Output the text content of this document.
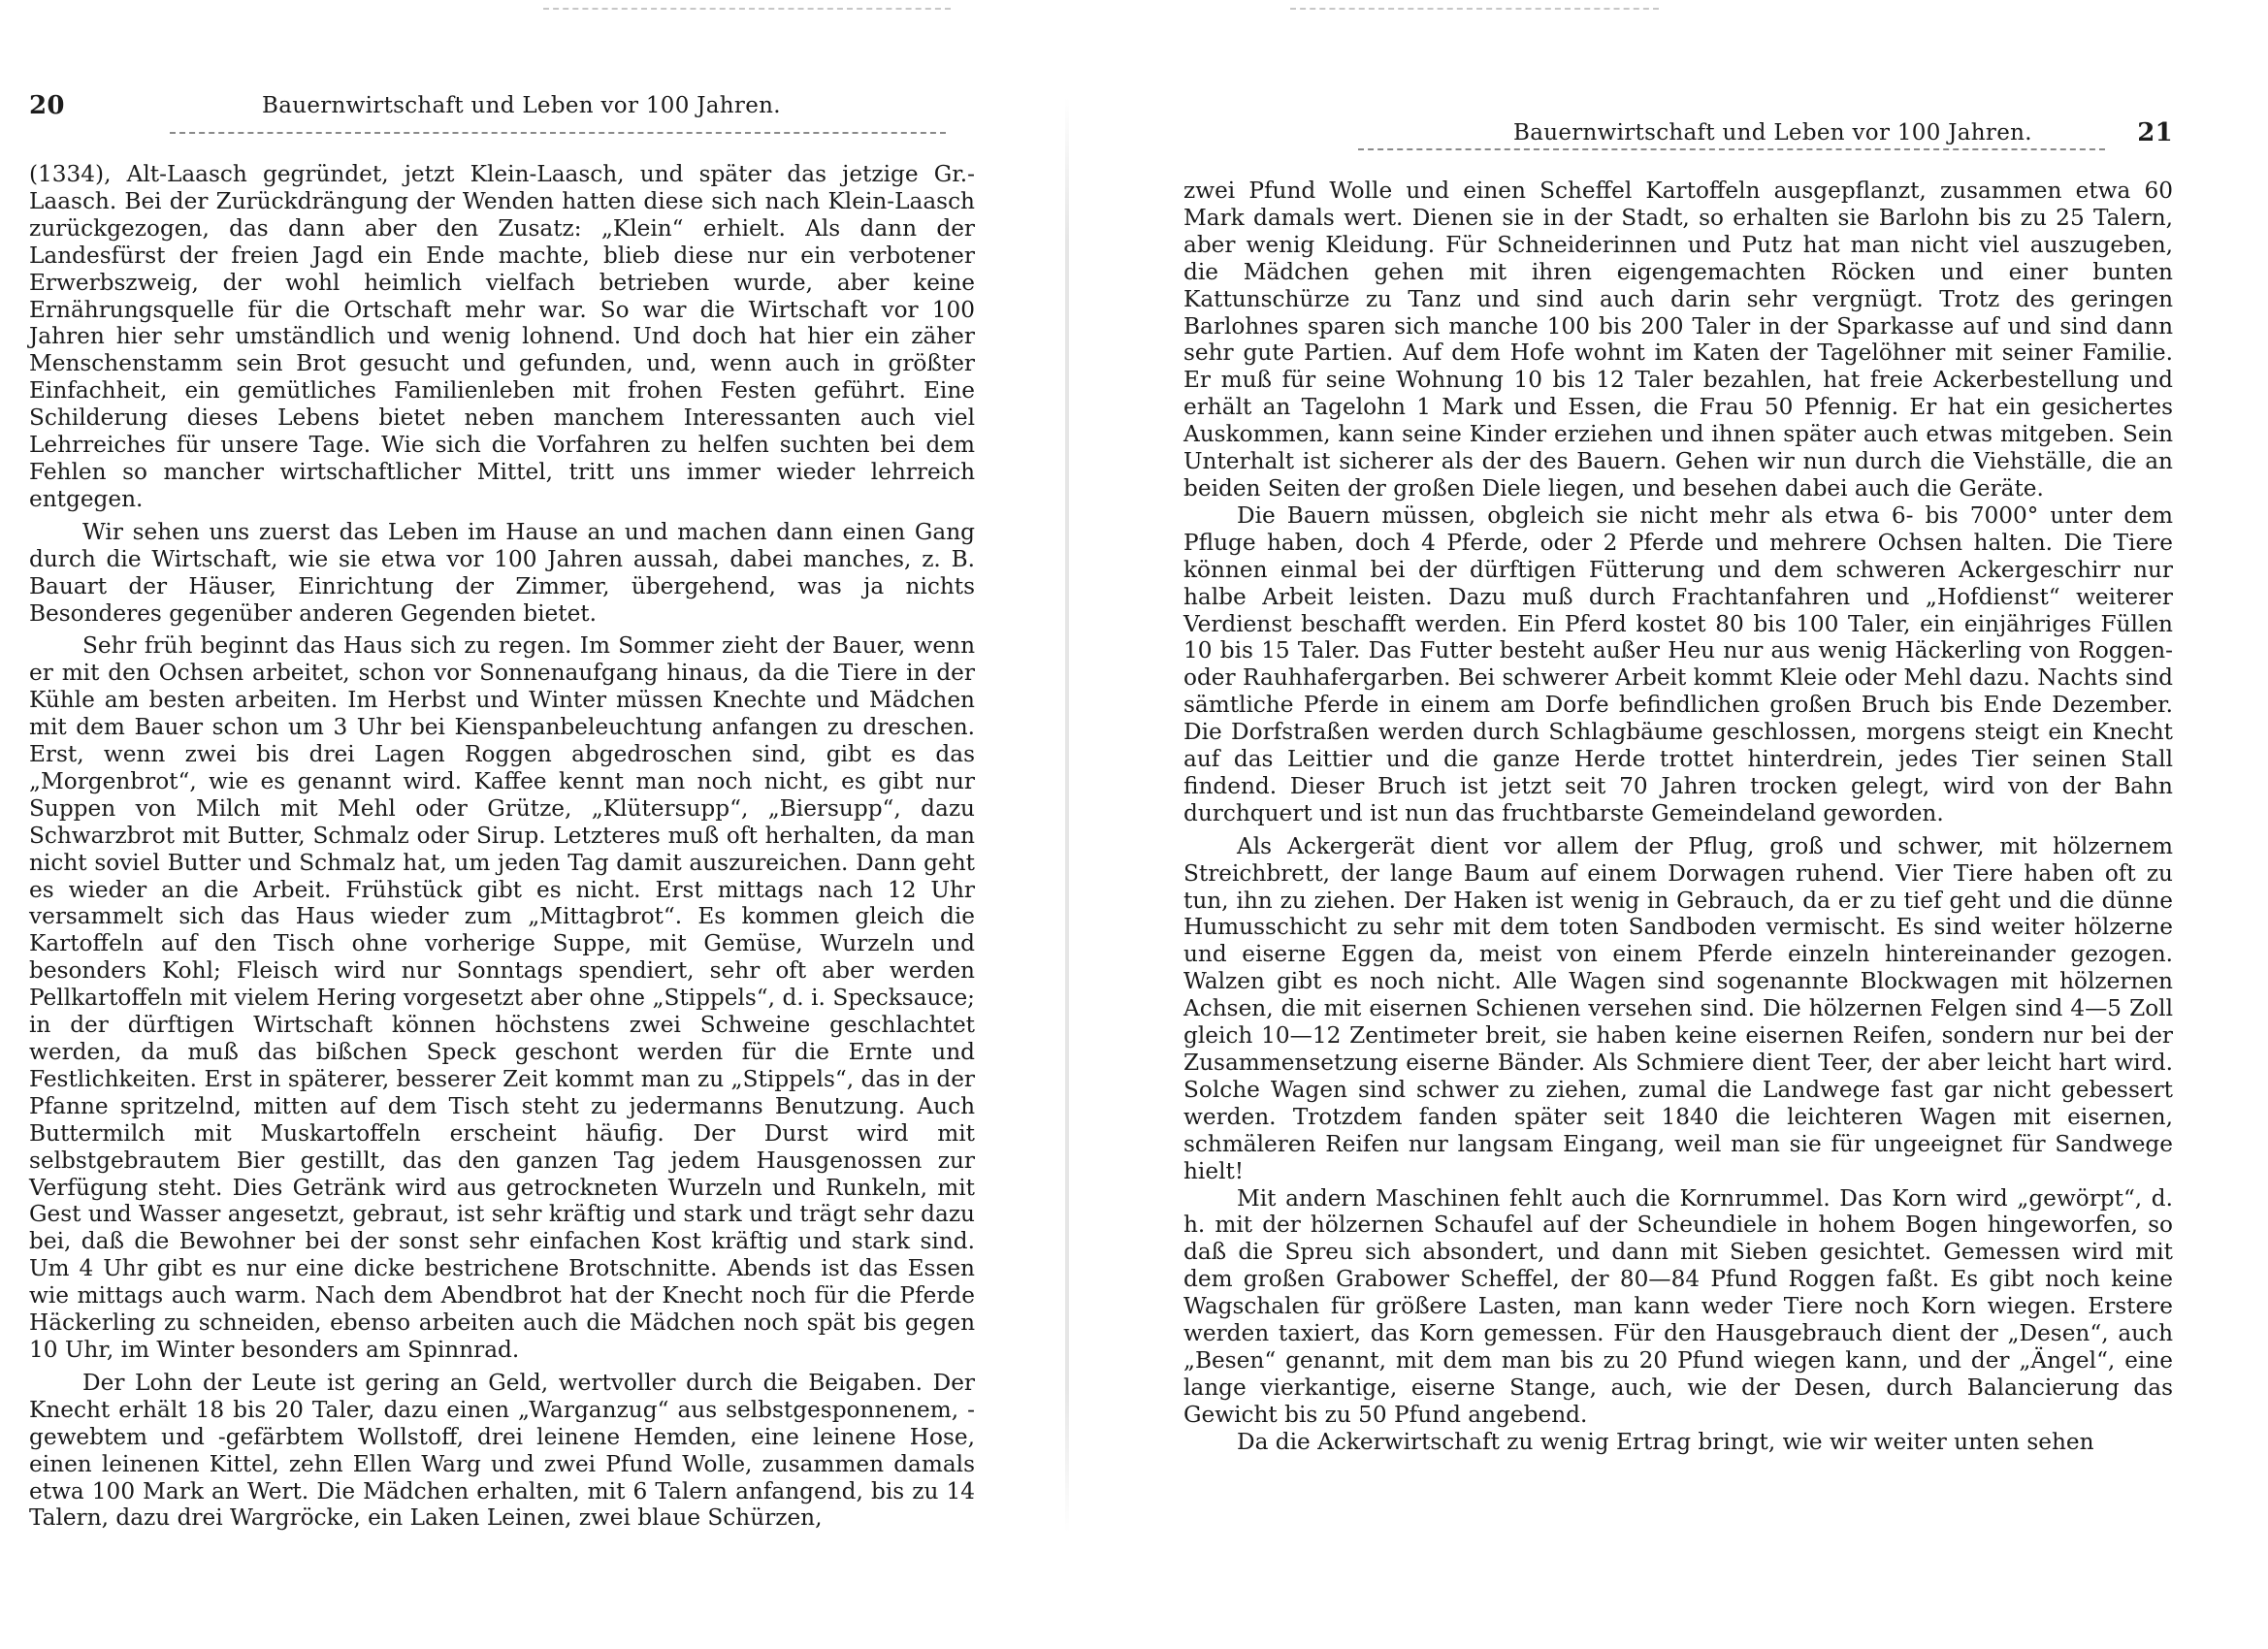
20	Bauernwirtschaft und Leben vor 100 Jahren.

(1334), Alt-Laasch gegründet, jetzt Klein-Laasch, und später das jetzige Gr.-Laasch. Bei der Zurückdrängung der Wenden hatten diese sich nach Klein-Laasch zurückgezogen, das dann aber den Zusatz: „Klein“ erhielt. Als dann der Landesfürst der freien Jagd ein Ende machte, blieb diese nur ein verbotener Erwerbszweig, der wohl heimlich vielfach betrieben wurde, aber keine Ernährungsquelle für die Ortschaft mehr war. So war die Wirtschaft vor 100 Jahren hier sehr umständlich und wenig lohnend. Und doch hat hier ein zäher Menschenstamm sein Brot gesucht und gefunden, und, wenn auch in größter Einfachheit, ein gemütliches Familienleben mit frohen Festen geführt. Eine Schilderung dieses Lebens bietet neben manchem Interessanten auch viel Lehrreiches für unsere Tage. Wie sich die Vorfahren zu helfen suchten bei dem Fehlen so mancher wirtschaftlicher Mittel, tritt uns immer wieder lehrreich entgegen.

Wir sehen uns zuerst das Leben im Hause an und machen dann einen Gang durch die Wirtschaft, wie sie etwa vor 100 Jahren aussah, dabei manches, z. B. Bauart der Häuser, Einrichtung der Zimmer, übergehend, was ja nichts Besonderes gegenüber anderen Gegenden bietet.

Sehr früh beginnt das Haus sich zu regen. Im Sommer zieht der Bauer, wenn er mit den Ochsen arbeitet, schon vor Sonnenaufgang hinaus, da die Tiere in der Kühle am besten arbeiten. Im Herbst und Winter müssen Knechte und Mädchen mit dem Bauer schon um 3 Uhr bei Kienspanbeleuchtung anfangen zu dreschen. Erst, wenn zwei bis drei Lagen Roggen abgedroschen sind, gibt es das „Morgenbrot“, wie es genannt wird. Kaffee kennt man noch nicht, es gibt nur Suppen von Milch mit Mehl oder Grütze, „Klütersupp“, „Biersupp“, dazu Schwarzbrot mit Butter, Schmalz oder Sirup. Letzteres muß oft herhalten, da man nicht soviel Butter und Schmalz hat, um jeden Tag damit auszureichen. Dann geht es wieder an die Arbeit. Frühstück gibt es nicht. Erst mittags nach 12 Uhr versammelt sich das Haus wieder zum „Mittagbrot“. Es kommen gleich die Kartoffeln auf den Tisch ohne vorherige Suppe, mit Gemüse, Wurzeln und besonders Kohl; Fleisch wird nur Sonntags spendiert, sehr oft aber werden Pellkartoffeln mit vielem Hering vorgesetzt aber ohne „Stippels“, d. i. Specksauce; in der dürftigen Wirtschaft können höchstens zwei Schweine geschlachtet werden, da muß das bißchen Speck geschont werden für die Ernte und Festlichkeiten. Erst in späterer, besserer Zeit kommt man zu „Stippels“, das in der Pfanne spritzelnd, mitten auf dem Tisch steht zu jedermanns Benutzung. Auch Buttermilch mit Muskartoffeln erscheint häufig. Der Durst wird mit selbstgebrautem Bier gestillt, das den ganzen Tag jedem Hausgenossen zur Verfügung steht. Dies Getränk wird aus getrockneten Wurzeln und Runkeln, mit Gest und Wasser angesetzt, gebraut, ist sehr kräftig und stark und trägt sehr dazu bei, daß die Bewohner bei der sonst sehr einfachen Kost kräftig und stark sind. Um 4 Uhr gibt es nur eine dicke bestrichene Brotschnitte. Abends ist das Essen wie mittags auch warm. Nach dem Abendbrot hat der Knecht noch für die Pferde Häckerling zu schneiden, ebenso arbeiten auch die Mädchen noch spät bis gegen 10 Uhr, im Winter besonders am Spinnrad.

Der Lohn der Leute ist gering an Geld, wertvoller durch die Beigaben. Der Knecht erhält 18 bis 20 Taler, dazu einen „Warganzug“ aus selbstgesponnenem, -gewebtem und -gefärbtem Wollstoff, drei leinene Hemden, eine leinene Hose, einen leinenen Kittel, zehn Ellen Warg und zwei Pfund Wolle, zusammen damals etwa 100 Mark an Wert. Die Mädchen erhalten, mit 6 Talern anfangend, bis zu 14 Talern, dazu drei Wargröcke, ein Laken Leinen, zwei blaue Schürzen,

Bauernwirtschaft und Leben vor 100 Jahren.	21

zwei Pfund Wolle und einen Scheffel Kartoffeln ausgepflanzt, zusammen etwa 60 Mark damals wert. Dienen sie in der Stadt, so erhalten sie Barlohn bis zu 25 Talern, aber wenig Kleidung. Für Schneiderinnen und Putz hat man nicht viel auszugeben, die Mädchen gehen mit ihren eigengemachten Röcken und einer bunten Kattunschürze zu Tanz und sind auch darin sehr vergnügt. Trotz des geringen Barlohnes sparen sich manche 100 bis 200 Taler in der Sparkasse auf und sind dann sehr gute Partien. Auf dem Hofe wohnt im Katen der Tagelöhner mit seiner Familie. Er muß für seine Wohnung 10 bis 12 Taler bezahlen, hat freie Ackerbestellung und erhält an Tagelohn 1 Mark und Essen, die Frau 50 Pfennig. Er hat ein gesichertes Auskommen, kann seine Kinder erziehen und ihnen später auch etwas mitgeben. Sein Unterhalt ist sicherer als der des Bauern. Gehen wir nun durch die Viehställe, die an beiden Seiten der großen Diele liegen, und besehen dabei auch die Geräte.

Die Bauern müssen, obgleich sie nicht mehr als etwa 6- bis 7000° unter dem Pfluge haben, doch 4 Pferde, oder 2 Pferde und mehrere Ochsen halten. Die Tiere können einmal bei der dürftigen Fütterung und dem schweren Ackergeschirr nur halbe Arbeit leisten. Dazu muß durch Frachtanfahren und „Hofdienst“ weiterer Verdienst beschafft werden. Ein Pferd kostet 80 bis 100 Taler, ein einjähriges Füllen 10 bis 15 Taler. Das Futter besteht außer Heu nur aus wenig Häckerling von Roggen- oder Rauhhafergarben. Bei schwerer Arbeit kommt Kleie oder Mehl dazu. Nachts sind sämtliche Pferde in einem am Dorfe befindlichen großen Bruch bis Ende Dezember. Die Dorfstraßen werden durch Schlagbäume geschlossen, morgens steigt ein Knecht auf das Leittier und die ganze Herde trottet hinterdrein, jedes Tier seinen Stall findend. Dieser Bruch ist jetzt seit 70 Jahren trocken gelegt, wird von der Bahn durchquert und ist nun das fruchtbarste Gemeindeland geworden.

Als Ackergerät dient vor allem der Pflug, groß und schwer, mit hölzernem Streichbrett, der lange Baum auf einem Dorwagen ruhend. Vier Tiere haben oft zu tun, ihn zu ziehen. Der Haken ist wenig in Gebrauch, da er zu tief geht und die dünne Humusschicht zu sehr mit dem toten Sandboden vermischt. Es sind weiter hölzerne und eiserne Eggen da, meist von einem Pferde einzeln hintereinander gezogen. Walzen gibt es noch nicht. Alle Wagen sind sogenannte Blockwagen mit hölzernen Achsen, die mit eisernen Schienen versehen sind. Die hölzernen Felgen sind 4—5 Zoll gleich 10—12 Zentimeter breit, sie haben keine eisernen Reifen, sondern nur bei der Zusammensetzung eiserne Bänder. Als Schmiere dient Teer, der aber leicht hart wird. Solche Wagen sind schwer zu ziehen, zumal die Landwege fast gar nicht gebessert werden. Trotzdem fanden später seit 1840 die leichteren Wagen mit eisernen, schmäleren Reifen nur langsam Eingang, weil man sie für ungeeignet für Sandwege hielt!

Mit andern Maschinen fehlt auch die Kornrummel. Das Korn wird „gewörpt“, d. h. mit der hölzernen Schaufel auf der Scheundiele in hohem Bogen hingeworfen, so daß die Spreu sich absondert, und dann mit Sieben gesichtet. Gemessen wird mit dem großen Grabower Scheffel, der 80—84 Pfund Roggen faßt. Es gibt noch keine Wagschalen für größere Lasten, man kann weder Tiere noch Korn wiegen. Erstere werden taxiert, das Korn gemessen. Für den Hausgebrauch dient der „Desen“, auch „Besen“ genannt, mit dem man bis zu 20 Pfund wiegen kann, und der „Ängel“, eine lange vierkantige, eiserne Stange, auch, wie der Desen, durch Balancierung das Gewicht bis zu 50 Pfund angebend.

Da die Ackerwirtschaft zu wenig Ertrag bringt, wie wir weiter unten sehen
